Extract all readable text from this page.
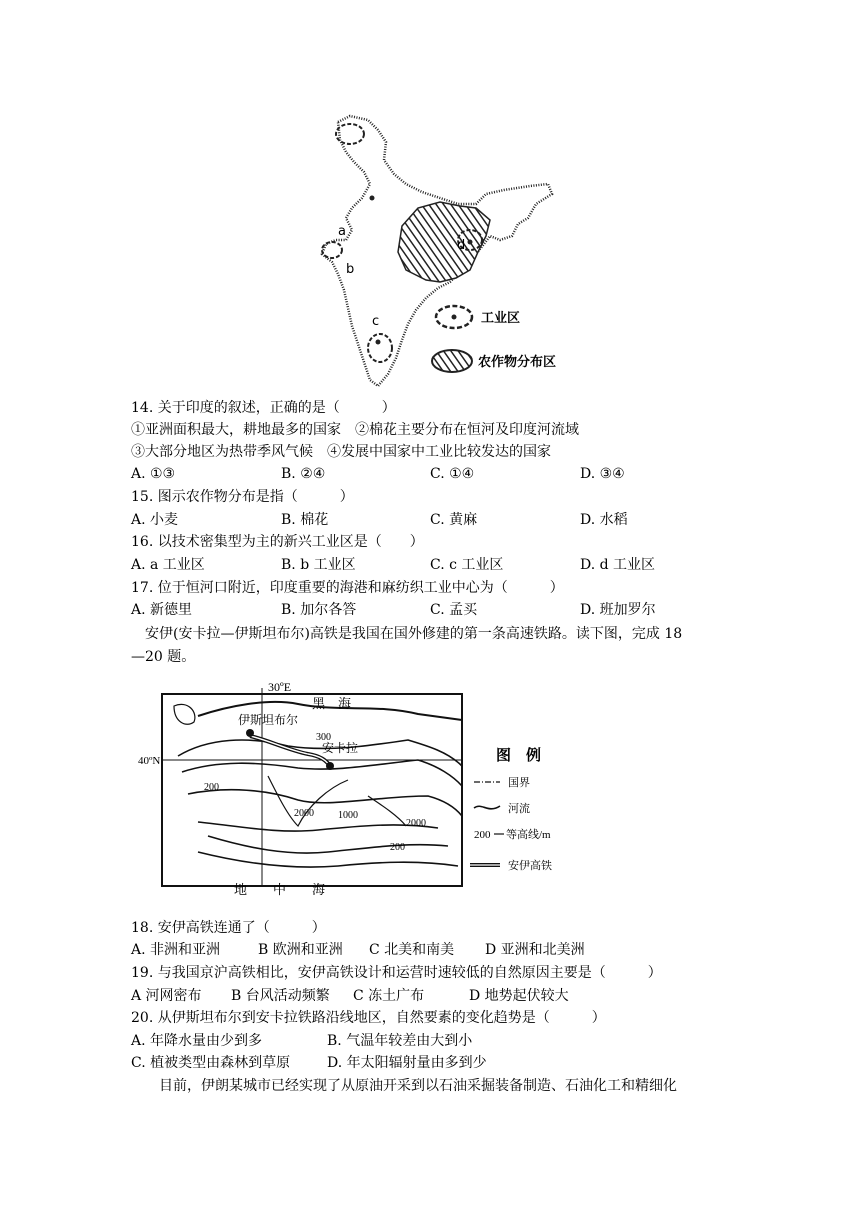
a
b
c
d
工业区
农作物分布区
14. 关于印度的叙述，正确的是（　　　）
①亚洲面积最大，耕地最多的国家　②棉花主要分布在恒河及印度河流域
③大部分地区为热带季风气候　④发展中国家中工业比较发达的国家
A. ①③	B. ②④	C. ①④	D. ③④
15. 图示农作物分布是指（　　　）
A. 小麦	B. 棉花	C. 黄麻	D. 水稻
16. 以技术密集型为主的新兴工业区是（　　）
A. a 工业区	B. b 工业区	C. c 工业区	D. d 工业区
17. 位于恒河口附近，印度重要的海港和麻纺织工业中心为（　　　）
A. 新德里	B. 加尔各答	C. 孟买	D. 班加罗尔
　安伊(安卡拉—伊斯坦布尔)高铁是我国在国外修建的第一条高速铁路。读下图，完成 18
—20 题。
30ºE
40ºN
黑　海
地　　中　　海
伊斯坦布尔
安卡拉
300
200
2000 1000
2000
200
图　例
国界
河流
200 等高线/m
安伊高铁
18. 安伊高铁连通了（　　　）
A. 非洲和亚洲	B 欧洲和亚洲 C 北美和南美 D 亚洲和北美洲
19. 与我国京沪高铁相比，安伊高铁设计和运营时速较低的自然原因主要是（　　　）
A 河网密布 B 台风活动频繁 C 冻土广布	D 地势起伏较大
20. 从伊斯坦布尔到安卡拉铁路沿线地区，自然要素的变化趋势是（　　　）
A. 年降水量由少到多	B. 气温年较差由大到小
C. 植被类型由森林到草原	D. 年太阳辐射量由多到少
　　目前，伊朗某城市已经实现了从原油开采到以石油采掘装备制造、石油化工和精细化
